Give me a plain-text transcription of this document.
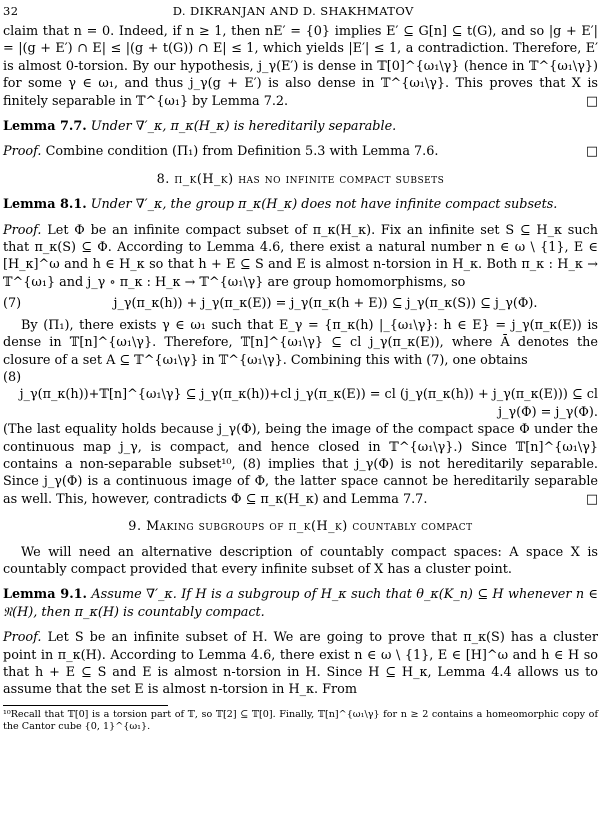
32	D. DIKRANJAN AND D. SHAKHMATOV

claim that n = 0. Indeed, if n ≥ 1, then nE′ = {0} implies E′ ⊆ G[n] ⊆ t(G), and so |g + E′| = |(g + E′) ∩ E| ≤ |(g + t(G)) ∩ E| ≤ 1, which yields |E′| ≤ 1, a contradiction. Therefore, E′ is almost 0-torsion. By our hypothesis, j_γ(E′) is dense in 𝕋[0]^{ω₁\γ} (hence in 𝕋^{ω₁\γ}) for some γ ∈ ω₁, and thus j_γ(g + E′) is also dense in 𝕋^{ω₁\γ}. This proves that X is finitely separable in 𝕋^{ω₁} by Lemma 7.2.	□

Lemma 7.7. Under ∇′_κ, π_κ(H_κ) is hereditarily separable.

Proof. Combine condition (Π₁) from Definition 5.3 with Lemma 7.6.	□

8. π_κ(H_κ) has no infinite compact subsets

Lemma 8.1. Under ∇′_κ, the group π_κ(H_κ) does not have infinite compact subsets.

Proof. Let Φ be an infinite compact subset of π_κ(H_κ). Fix an infinite set S ⊆ H_κ such that π_κ(S) ⊆ Φ. According to Lemma 4.6, there exist a natural number n ∈ ω \ {1}, E ∈ [H_κ]^ω and h ∈ H_κ so that h + E ⊆ S and E is almost n-torsion in H_κ. Both π_κ : H_κ → 𝕋^{ω₁} and j_γ ∘ π_κ : H_κ → 𝕋^{ω₁\γ} are group homomorphisms, so

(7)	j_γ(π_κ(h)) + j_γ(π_κ(E)) = j_γ(π_κ(h + E)) ⊆ j_γ(π_κ(S)) ⊆ j_γ(Φ).

By (Π₁), there exists γ ∈ ω₁ such that E_γ = {π_κ(h) |_{ω₁\γ}: h ∈ E} = j_γ(π_κ(E)) is dense in 𝕋[n]^{ω₁\γ}. Therefore, 𝕋[n]^{ω₁\γ} ⊆ cl j_γ(π_κ(E)), where Ā denotes the closure of a set A ⊆ 𝕋^{ω₁\γ} in 𝕋^{ω₁\γ}. Combining this with (7), one obtains

(8)
j_γ(π_κ(h))+𝕋[n]^{ω₁\γ} ⊆ j_γ(π_κ(h))+cl j_γ(π_κ(E)) = cl (j_γ(π_κ(h)) + j_γ(π_κ(E))) ⊆ cl j_γ(Φ) = j_γ(Φ).

(The last equality holds because j_γ(Φ), being the image of the compact space Φ under the continuous map j_γ, is compact, and hence closed in 𝕋^{ω₁\γ}.) Since 𝕋[n]^{ω₁\γ} contains a non-separable subset¹⁰, (8) implies that j_γ(Φ) is not hereditarily separable. Since j_γ(Φ) is a continuous image of Φ, the latter space cannot be hereditarily separable as well. This, however, contradicts Φ ⊆ π_κ(H_κ) and Lemma 7.7.	□

9. Making subgroups of π_κ(H_κ) countably compact

We will need an alternative description of countably compact spaces: A space X is countably compact provided that every infinite subset of X has a cluster point.

Lemma 9.1. Assume ∇′_κ. If H is a subgroup of H_κ such that θ_κ(K_n) ⊆ H whenever n ∈ 𝔑(H), then π_κ(H) is countably compact.

Proof. Let S be an infinite subset of H. We are going to prove that π_κ(S) has a cluster point in π_κ(H). According to Lemma 4.6, there exist n ∈ ω \ {1}, E ∈ [H]^ω and h ∈ H so that h + E ⊆ S and E is almost n-torsion in H. Since H ⊆ H_κ, Lemma 4.4 allows us to assume that the set E is almost n-torsion in H_κ. From

¹⁰Recall that 𝕋[0] is a torsion part of 𝕋, so 𝕋[2] ⊆ 𝕋[0]. Finally, 𝕋[n]^{ω₁\γ} for n ≥ 2 contains a homeomorphic copy of the Cantor cube {0, 1}^{ω₁}.
